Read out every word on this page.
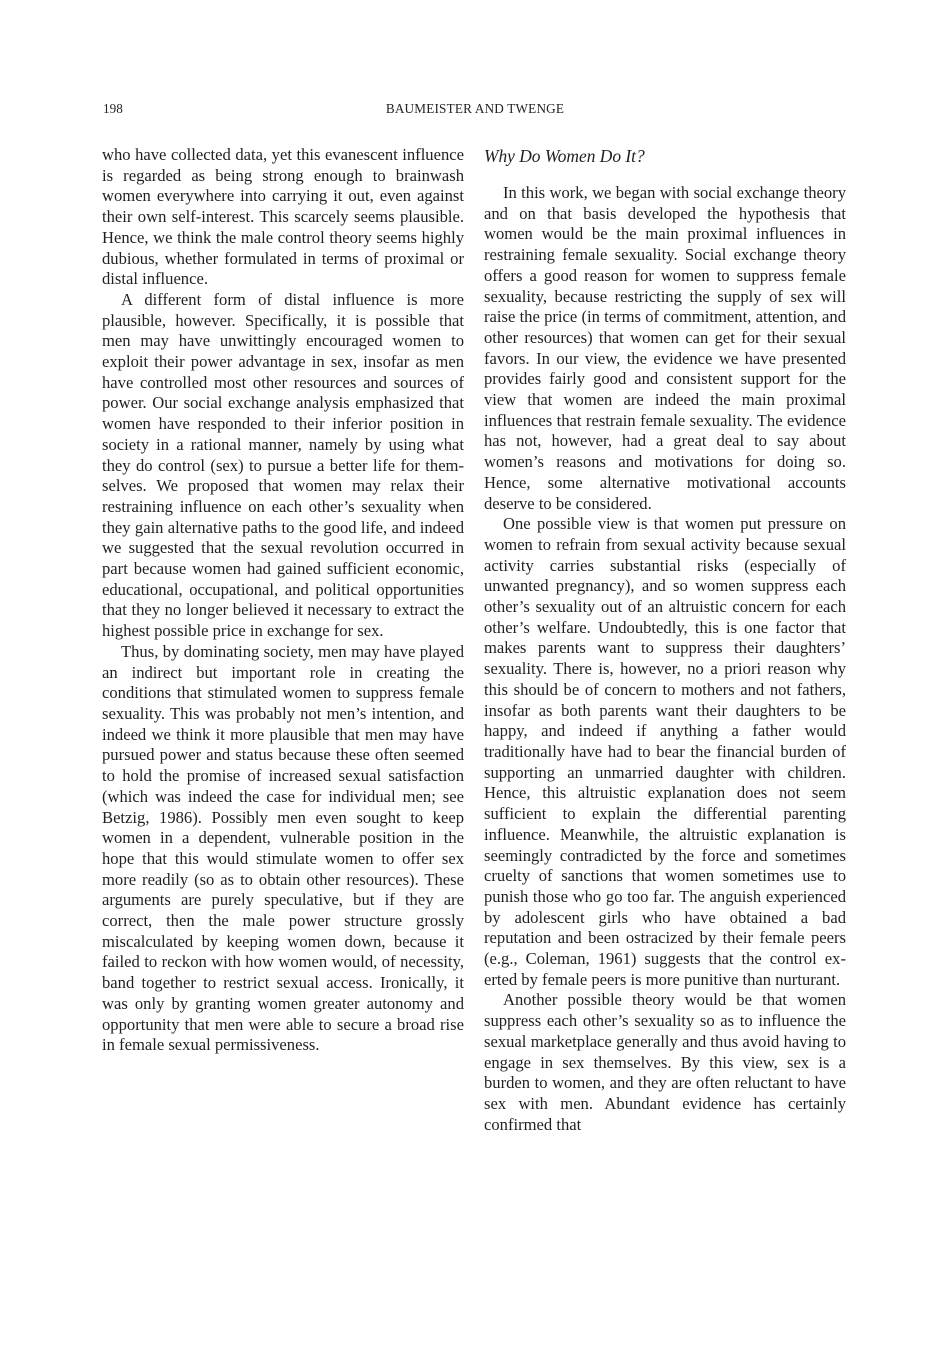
198	BAUMEISTER AND TWENGE

who have collected data, yet this evanescent influence is regarded as being strong enough to brainwash women everywhere into carrying it out, even against their own self-interest. This scarcely seems plausible. Hence, we think the male control theory seems highly dubious, whether formulated in terms of proximal or distal influence.

A different form of distal influence is more plausible, however. Specifically, it is possible that men may have unwittingly encouraged women to exploit their power advantage in sex, insofar as men have controlled most other resources and sources of power. Our social exchange analysis emphasized that women have responded to their inferior position in society in a rational manner, namely by using what they do control (sex) to pursue a better life for themselves. We proposed that women may relax their restraining influence on each other’s sexuality when they gain alternative paths to the good life, and indeed we suggested that the sexual revolution occurred in part because women had gained sufficient economic, educational, occupational, and political opportunities that they no longer believed it necessary to extract the highest possible price in exchange for sex.

Thus, by dominating society, men may have played an indirect but important role in creating the conditions that stimulated women to suppress female sexuality. This was probably not men’s intention, and indeed we think it more plausible that men may have pursued power and status because these often seemed to hold the promise of increased sexual satisfaction (which was indeed the case for individual men; see Betzig, 1986). Possibly men even sought to keep women in a dependent, vulnerable position in the hope that this would stimulate women to offer sex more readily (so as to obtain other resources). These arguments are purely speculative, but if they are correct, then the male power structure grossly miscalculated by keeping women down, because it failed to reckon with how women would, of necessity, band together to restrict sexual access. Ironically, it was only by granting women greater autonomy and opportunity that men were able to secure a broad rise in female sexual permissiveness.

Why Do Women Do It?

In this work, we began with social exchange theory and on that basis developed the hypothesis that women would be the main proximal influences in restraining female sexuality. Social exchange theory offers a good reason for women to suppress female sexuality, because restricting the supply of sex will raise the price (in terms of commitment, attention, and other resources) that women can get for their sexual favors. In our view, the evidence we have presented provides fairly good and consistent support for the view that women are indeed the main proximal influences that restrain female sexuality. The evidence has not, however, had a great deal to say about women’s reasons and motivations for doing so. Hence, some alternative motivational accounts deserve to be considered.

One possible view is that women put pressure on women to refrain from sexual activity because sexual activity carries substantial risks (especially of unwanted pregnancy), and so women suppress each other’s sexuality out of an altruistic concern for each other’s welfare. Undoubtedly, this is one factor that makes parents want to suppress their daughters’ sexuality. There is, however, no a priori reason why this should be of concern to mothers and not fathers, insofar as both parents want their daughters to be happy, and indeed if anything a father would traditionally have had to bear the financial burden of supporting an unmarried daughter with children. Hence, this altruistic explanation does not seem sufficient to explain the differential parenting influence. Meanwhile, the altruistic explanation is seemingly contradicted by the force and sometimes cruelty of sanctions that women sometimes use to punish those who go too far. The anguish experienced by adolescent girls who have obtained a bad reputation and been ostracized by their female peers (e.g., Coleman, 1961) suggests that the control exerted by female peers is more punitive than nurturant.

Another possible theory would be that women suppress each other’s sexuality so as to influence the sexual marketplace generally and thus avoid having to engage in sex themselves. By this view, sex is a burden to women, and they are often reluctant to have sex with men. Abundant evidence has certainly confirmed that
